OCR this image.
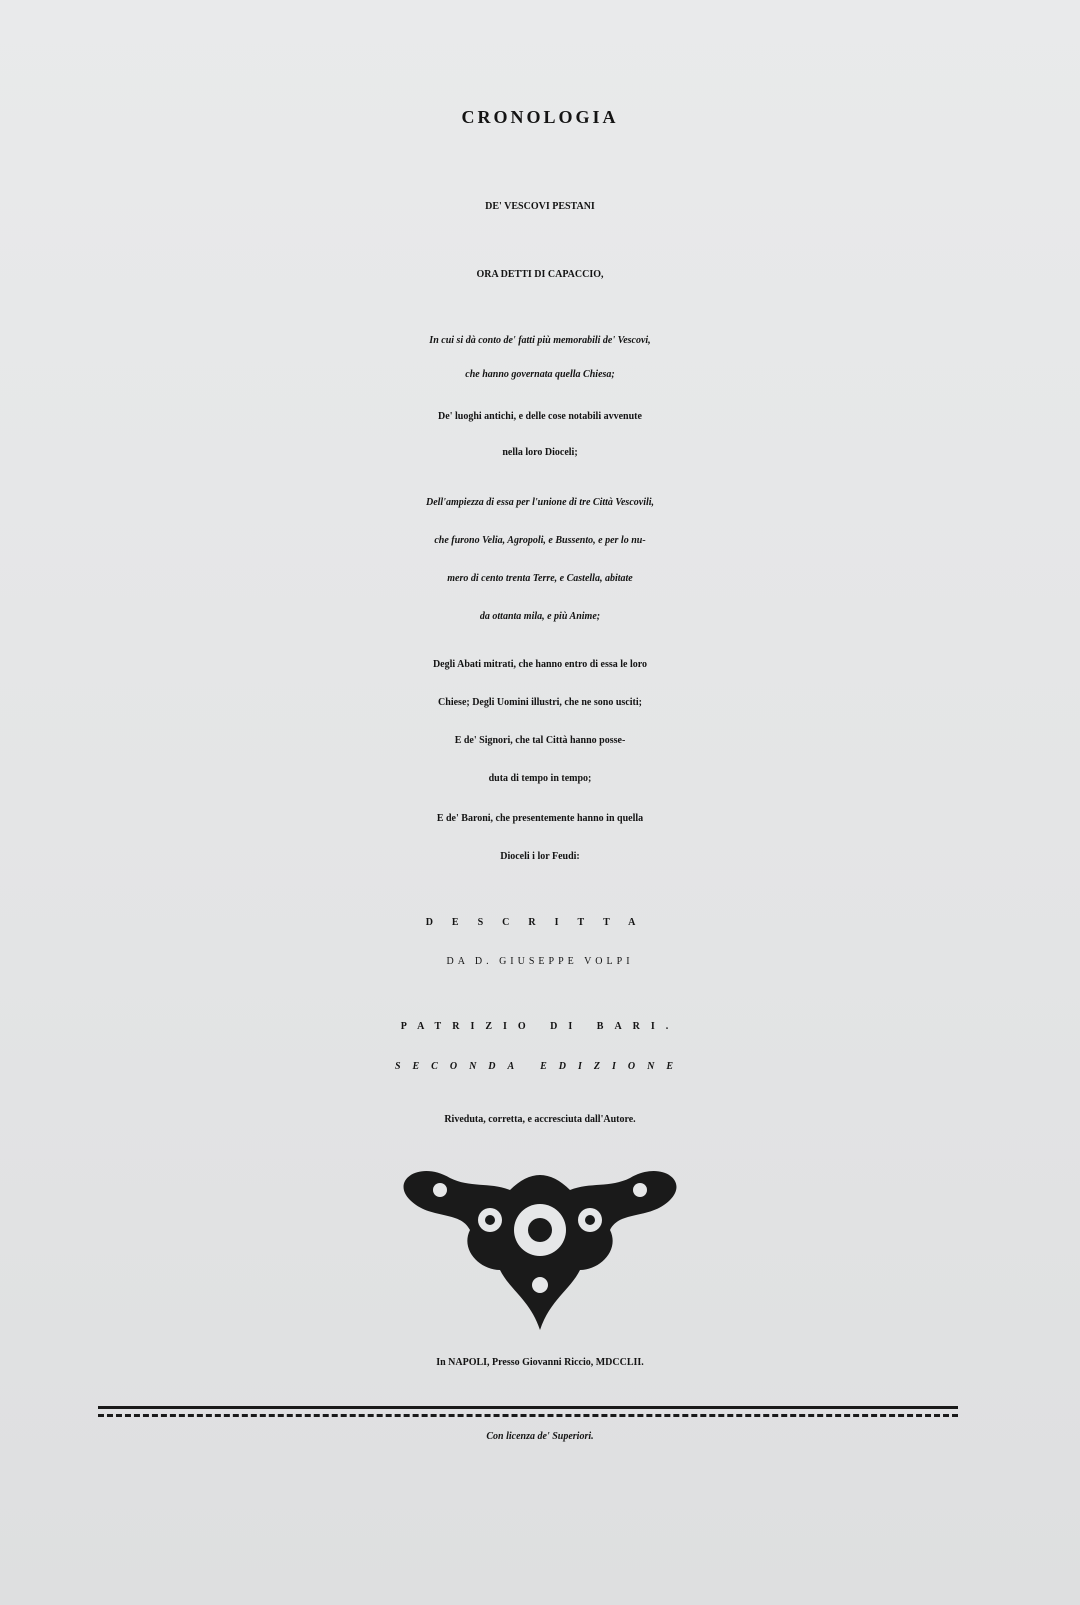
CRONOLOGIA
DE' VESCOVI PESTANI
ORA DETTI DI CAPACCIO,
In cui si dà conto de' fatti più memorabili de' Vescovi,
che hanno governata quella Chiesa;
De' luoghi antichi, e delle cose notabili avvenute
nella loro Dioceli;
Dell'ampiezza di essa per l'unione di tre Città Vescovili,
che furono Velia, Agropoli, e Bussento, e per lo nu-
mero di cento trenta Terre, e Castella, abitate
da ottanta mila, e più Anime;
Degli Abati mitrati, che hanno entro di essa le loro
Chiese; Degli Uomini illustri, che ne sono usciti;
E de' Signori, che tal Città hanno posse-
duta di tempo in tempo;
E de' Baroni, che presentemente hanno in quella
Dioceli i lor Feudi:
DESCRITTA
DA D. GIUSEPPE VOLPI
PATRIZIO DI BARI.
SECONDA EDIZIONE
Riveduta, corretta, e accresciuta dall'Autore.
In NAPOLI, Presso Giovanni Riccio, MDCCLII.
Con licenza de' Superiori.
